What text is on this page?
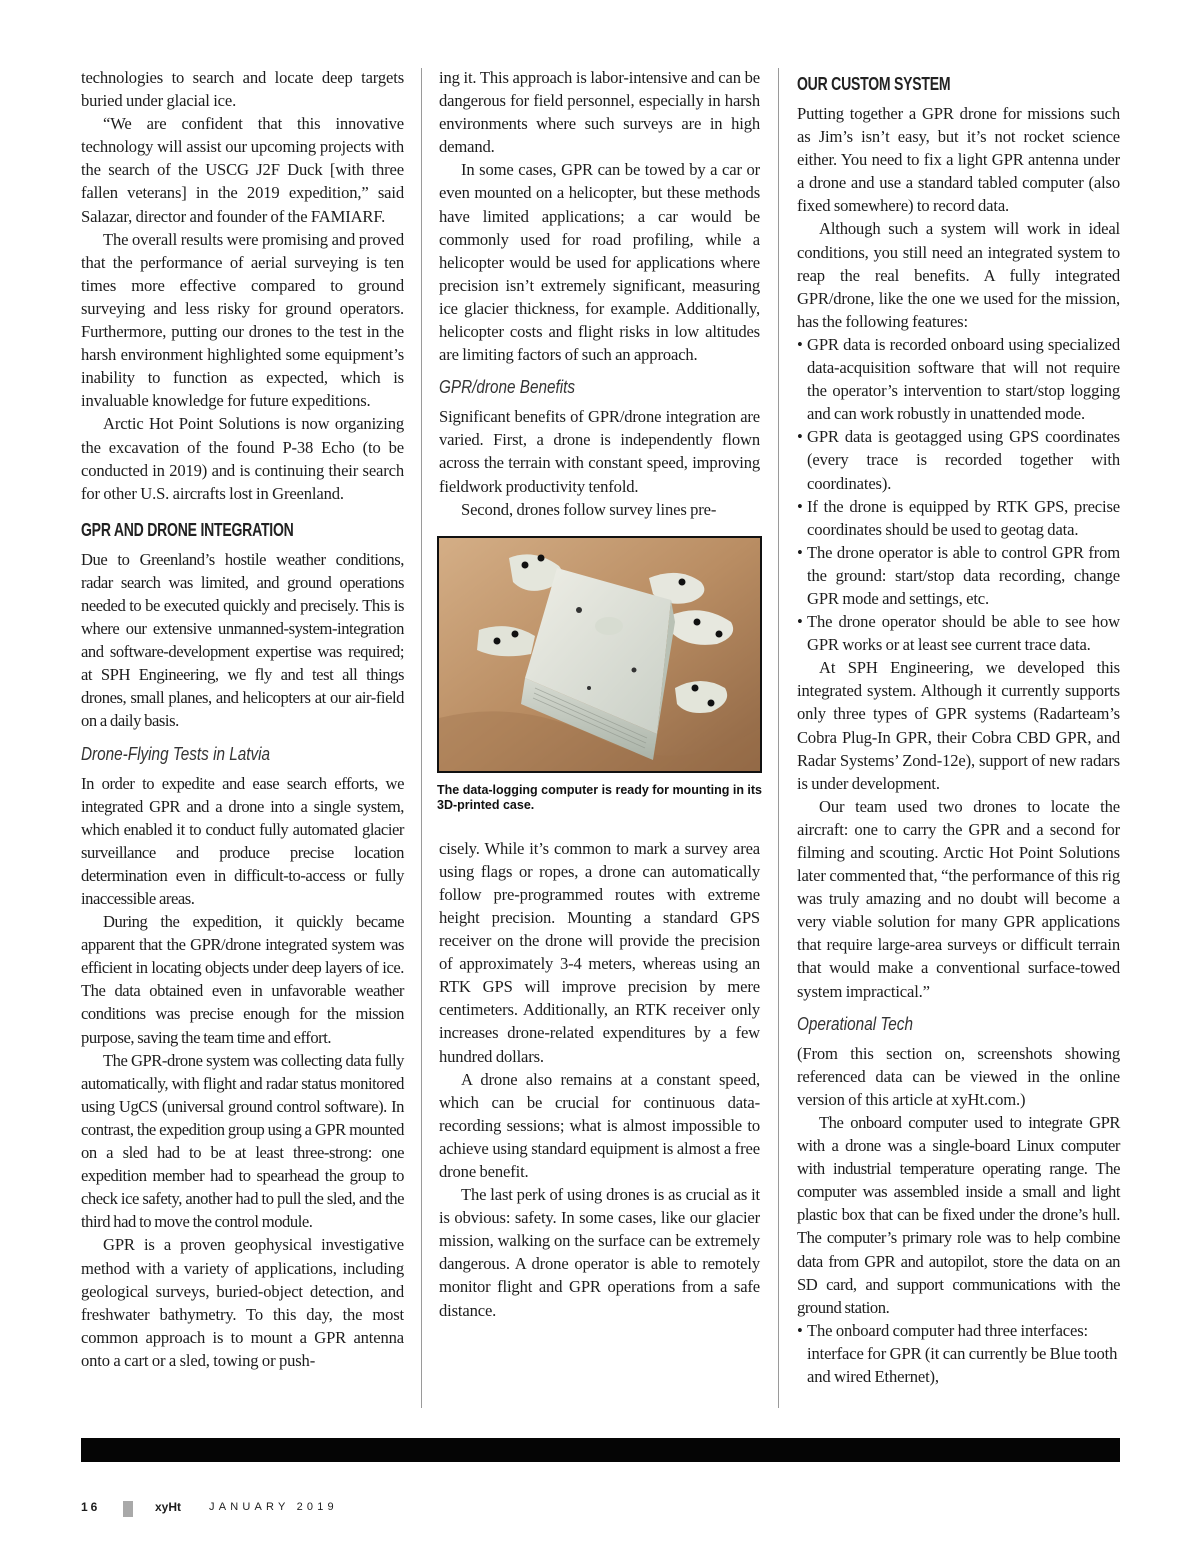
technologies to search and locate deep targets buried under glacial ice.

“We are confident that this innovative technology will assist our upcoming projects with the search of the USCG J2F Duck [with three fallen veterans] in the 2019 expedition,” said Salazar, director and founder of the FAMIARF.

The overall results were promising and proved that the performance of aerial surveying is ten times more effective compared to ground surveying and less risky for ground operators. Furthermore, putting our drones to the test in the harsh environment highlighted some equipment’s inability to function as expected, which is invaluable knowledge for future expeditions.

Arctic Hot Point Solutions is now organizing the excavation of the found P-38 Echo (to be conducted in 2019) and is continuing their search for other U.S. aircrafts lost in Greenland.

GPR AND DRONE INTEGRATION

Due to Greenland’s hostile weather conditions, radar search was limited, and ground operations needed to be executed quickly and precisely. This is where our extensive unmanned-system-integration and software-development expertise was required; at SPH Engineering, we fly and test all things drones, small planes, and helicopters at our air-field on a daily basis.

Drone-Flying Tests in Latvia

In order to expedite and ease search efforts, we integrated GPR and a drone into a single system, which enabled it to conduct fully automated glacier surveillance and produce precise location determination even in difficult-to-access or fully inaccessible areas.

During the expedition, it quickly became apparent that the GPR/drone integrated system was efficient in locating objects under deep layers of ice. The data obtained even in unfavorable weather conditions was precise enough for the mission purpose, saving the team time and effort.

The GPR-drone system was collecting data fully automatically, with flight and radar status monitored using UgCS (universal ground control software). In contrast, the expedition group using a GPR mounted on a sled had to be at least three-strong: one expedition member had to spearhead the group to check ice safety, another had to pull the sled, and the third had to move the control module.

GPR is a proven geophysical investigative method with a variety of applications, including geological surveys, buried-object detection, and freshwater bathymetry. To this day, the most common approach is to mount a GPR antenna onto a cart or a sled, towing or push-

ing it. This approach is labor-intensive and can be dangerous for field personnel, especially in harsh environments where such surveys are in high demand.

In some cases, GPR can be towed by a car or even mounted on a helicopter, but these methods have limited applications; a car would be commonly used for road profiling, while a helicopter would be used for applications where precision isn’t extremely significant, measuring ice glacier thickness, for example. Additionally, helicopter costs and flight risks in low altitudes are limiting factors of such an approach.

GPR/drone Benefits

Significant benefits of GPR/drone integration are varied. First, a drone is independently flown across the terrain with constant speed, improving fieldwork productivity tenfold.

Second, drones follow survey lines pre-

The data-logging computer is ready for mounting in its 3D-printed case.

cisely. While it’s common to mark a survey area using flags or ropes, a drone can automatically follow pre-programmed routes with extreme height precision. Mounting a standard GPS receiver on the drone will provide the precision of approximately 3-4 meters, whereas using an RTK GPS will improve precision by mere centimeters. Additionally, an RTK receiver only increases drone-related expenditures by a few hundred dollars.

A drone also remains at a constant speed, which can be crucial for continuous data-recording sessions; what is almost impossible to achieve using standard equipment is almost a free drone benefit.

The last perk of using drones is as crucial as it is obvious: safety. In some cases, like our glacier mission, walking on the surface can be extremely dangerous. A drone operator is able to remotely monitor flight and GPR operations from a safe distance.

OUR CUSTOM SYSTEM

Putting together a GPR drone for missions such as Jim’s isn’t easy, but it’s not rocket science either. You need to fix a light GPR antenna under a drone and use a standard tabled computer (also fixed somewhere) to record data.

Although such a system will work in ideal conditions, you still need an integrated system to reap the real benefits. A fully integrated GPR/drone, like the one we used for the mission, has the following features:

• GPR data is recorded onboard using specialized data-acquisition software that will not require the operator’s intervention to start/stop logging and can work robustly in unattended mode.
• GPR data is geotagged using GPS coordinates (every trace is recorded together with coordinates).
• If the drone is equipped by RTK GPS, precise coordinates should be used to geotag data.
• The drone operator is able to control GPR from the ground: start/stop data recording, change GPR mode and settings, etc.
• The drone operator should be able to see how GPR works or at least see current trace data.

At SPH Engineering, we developed this integrated system. Although it currently supports only three types of GPR systems (Radarteam’s Cobra Plug-In GPR, their Cobra CBD GPR, and Radar Systems’ Zond-12e), support of new radars is under development.

Our team used two drones to locate the aircraft: one to carry the GPR and a second for filming and scouting. Arctic Hot Point Solutions later commented that, “the performance of this rig was truly amazing and no doubt will become a very viable solution for many GPR applications that require large-area surveys or difficult terrain that would make a conventional surface-towed system impractical.”

Operational Tech

(From this section on, screenshots showing referenced data can be viewed in the online version of this article at xyHt.com.)

The onboard computer used to integrate GPR with a drone was a single-board Linux computer with industrial temperature operating range. The computer was assembled inside a small and light plastic box that can be fixed under the drone’s hull. The computer’s primary role was to help combine data from GPR and autopilot, store the data on an SD card, and support communications with the ground station.

• The onboard computer had three interfaces: interface for GPR (it can currently be Blue tooth and wired Ethernet),
16	xyHt	JANUARY 2019
